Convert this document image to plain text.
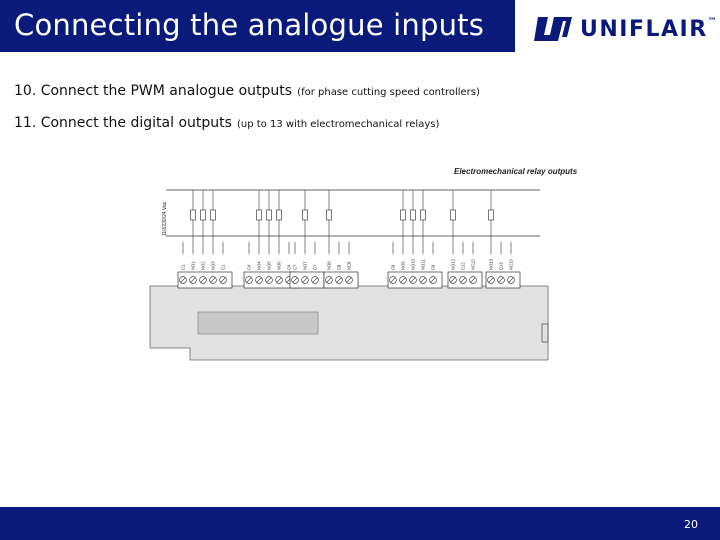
Connecting the analogue inputs	UNIFLAIR™
10. Connect the PWM analogue outputs (for phase cutting speed controllers)
11. Connect the digital outputs (up to 13 with electromechanical relays)
Electromechanical relay outputs
110/230/24 Vac
C1 NO1 NO2 NO3 C1	C4 NO4 NO5 NO6 C4 C7 NO7 C7 NO8 C8 NC8	C9 NO9 NO10 NO11 C9	NO12 C12 NC12	NO13 C13 NC13
20
